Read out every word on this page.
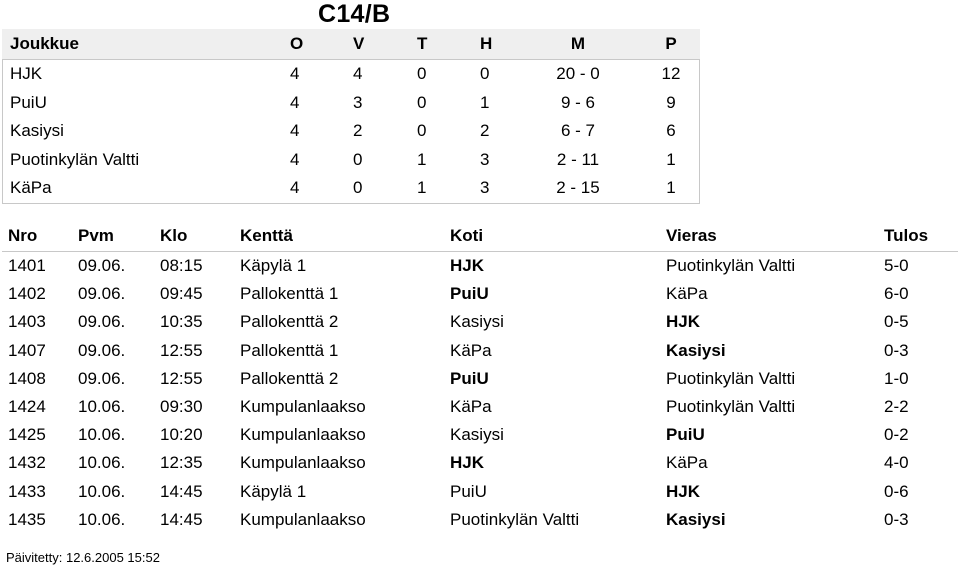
C14/B
Joukkue	O	V	T	H	M	P
HJK	4	4	0	0	20 - 0	12
PuiU	4	3	0	1	9 - 6	9
Kasiysi	4	2	0	2	6 - 7	6
Puotinkylän Valtti	4	0	1	3	2 - 11	1
KäPa	4	0	1	3	2 - 15	1
Nro Pvm	Klo	Kenttä	Koti	Vieras	Tulos
1401 09.06. 08:15 Käpylä 1	HJK	Puotinkylän Valtti	5-0
1402 09.06. 09:45 Pallokenttä 1	PuiU	KäPa	6-0
1403 09.06. 10:35 Pallokenttä 2	Kasiysi	HJK	0-5
1407 09.06. 12:55 Pallokenttä 1	KäPa	Kasiysi	0-3
1408 09.06. 12:55 Pallokenttä 2	PuiU	Puotinkylän Valtti	1-0
1424 10.06. 09:30 Kumpulanlaakso	KäPa	Puotinkylän Valtti	2-2
1425 10.06. 10:20 Kumpulanlaakso	Kasiysi	PuiU	0-2
1432 10.06. 12:35 Kumpulanlaakso	HJK	KäPa	4-0
1433 10.06. 14:45 Käpylä 1	PuiU	HJK	0-6
1435 10.06. 14:45 Kumpulanlaakso	Puotinkylän Valtti	Kasiysi	0-3
Päivitetty: 12.6.2005 15:52
